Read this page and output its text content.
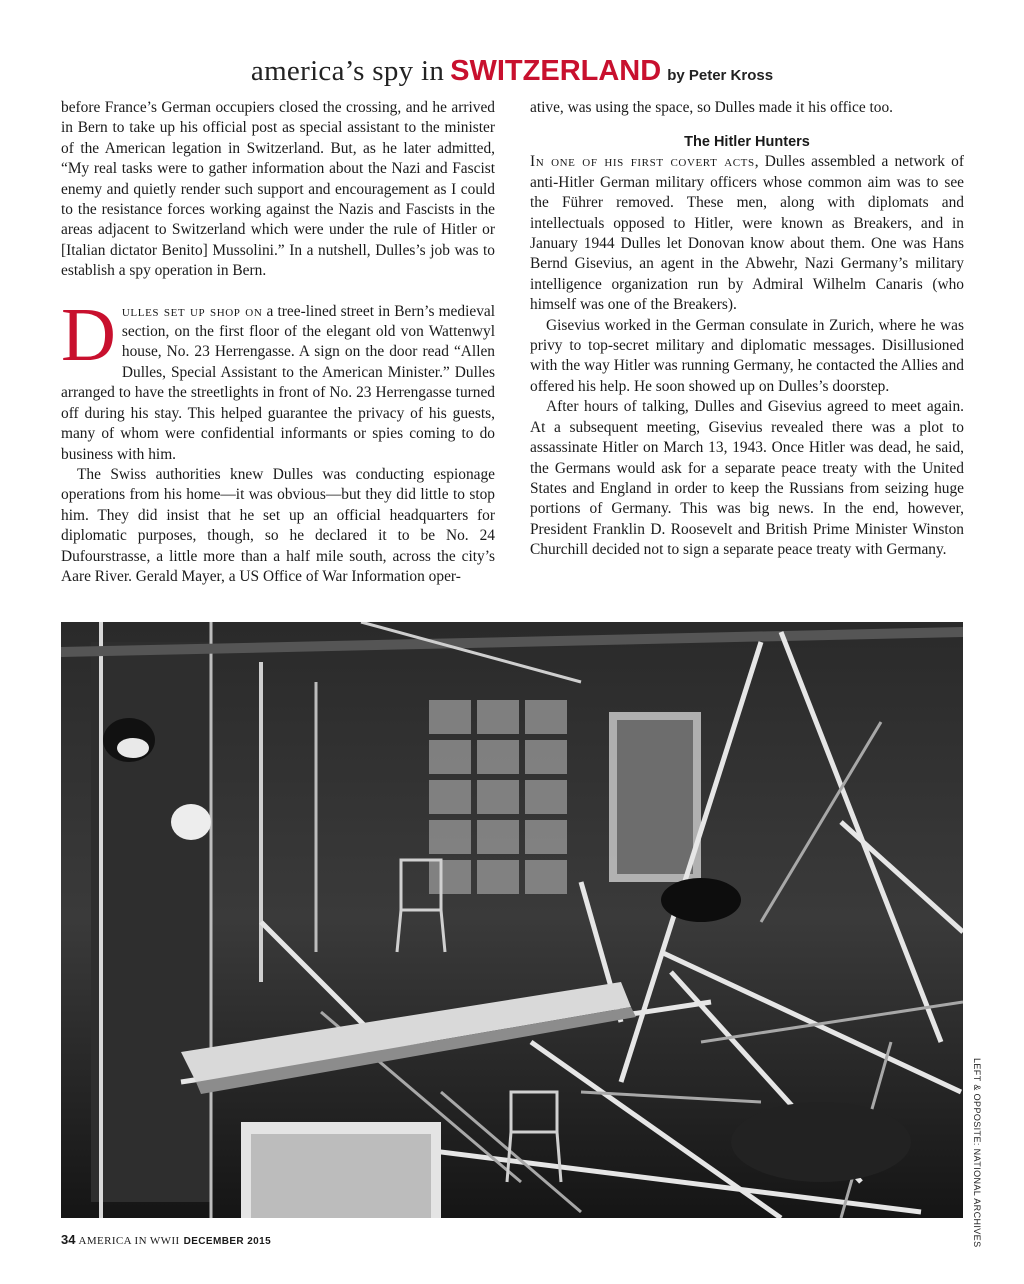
america’s spy in SWITZERLAND by Peter Kross

before France’s German occupiers closed the crossing, and he arrived in Bern to take up his official post as special assistant to the minister of the American legation in Switzerland. But, as he later admitted, “My real tasks were to gather information about the Nazi and Fascist enemy and quietly render such support and encouragement as I could to the resistance forces working against the Nazis and Fascists in the areas adjacent to Switzerland which were under the rule of Hitler or [Italian dictator Benito] Mussolini.” In a nutshell, Dulles’s job was to establish a spy operation in Bern.

Dulles set up shop on a tree-lined street in Bern’s medieval section, on the first floor of the elegant old von Wattenwyl house, No. 23 Herrengasse. A sign on the door read “Allen Dulles, Special Assistant to the American Minister.” Dulles arranged to have the streetlights in front of No. 23 Herrengasse turned off during his stay. This helped guarantee the privacy of his guests, many of whom were confidential informants or spies coming to do business with him.

The Swiss authorities knew Dulles was conducting espionage operations from his home—it was obvious—but they did little to stop him. They did insist that he set up an official headquarters for diplomatic purposes, though, so he declared it to be No. 24 Dufourstrasse, a little more than a half mile south, across the city’s Aare River. Gerald Mayer, a US Office of War Information oper-

ative, was using the space, so Dulles made it his office too.

The Hitler Hunters

In one of his first covert acts, Dulles assembled a network of anti-Hitler German military officers whose common aim was to see the Führer removed. These men, along with diplomats and intellectuals opposed to Hitler, were known as Breakers, and in January 1944 Dulles let Donovan know about them. One was Hans Bernd Gisevius, an agent in the Abwehr, Nazi Germany’s military intelligence organization run by Admiral Wilhelm Canaris (who himself was one of the Breakers).

Gisevius worked in the German consulate in Zurich, where he was privy to top-secret military and diplomatic messages. Disillusioned with the way Hitler was running Germany, he contacted the Allies and offered his help. He soon showed up on Dulles’s doorstep.

After hours of talking, Dulles and Gisevius agreed to meet again. At a subsequent meeting, Gisevius revealed there was a plot to assassinate Hitler on March 13, 1943. Once Hitler was dead, he said, the Germans would ask for a separate peace treaty with the United States and England in order to keep the Russians from seizing huge portions of Germany. This was big news. In the end, however, President Franklin D. Roosevelt and British Prime Minister Winston Churchill decided not to sign a separate peace treaty with Germany.

LEFT & OPPOSITE: NATIONAL ARCHIVES
34 AMERICA IN WWII DECEMBER 2015
